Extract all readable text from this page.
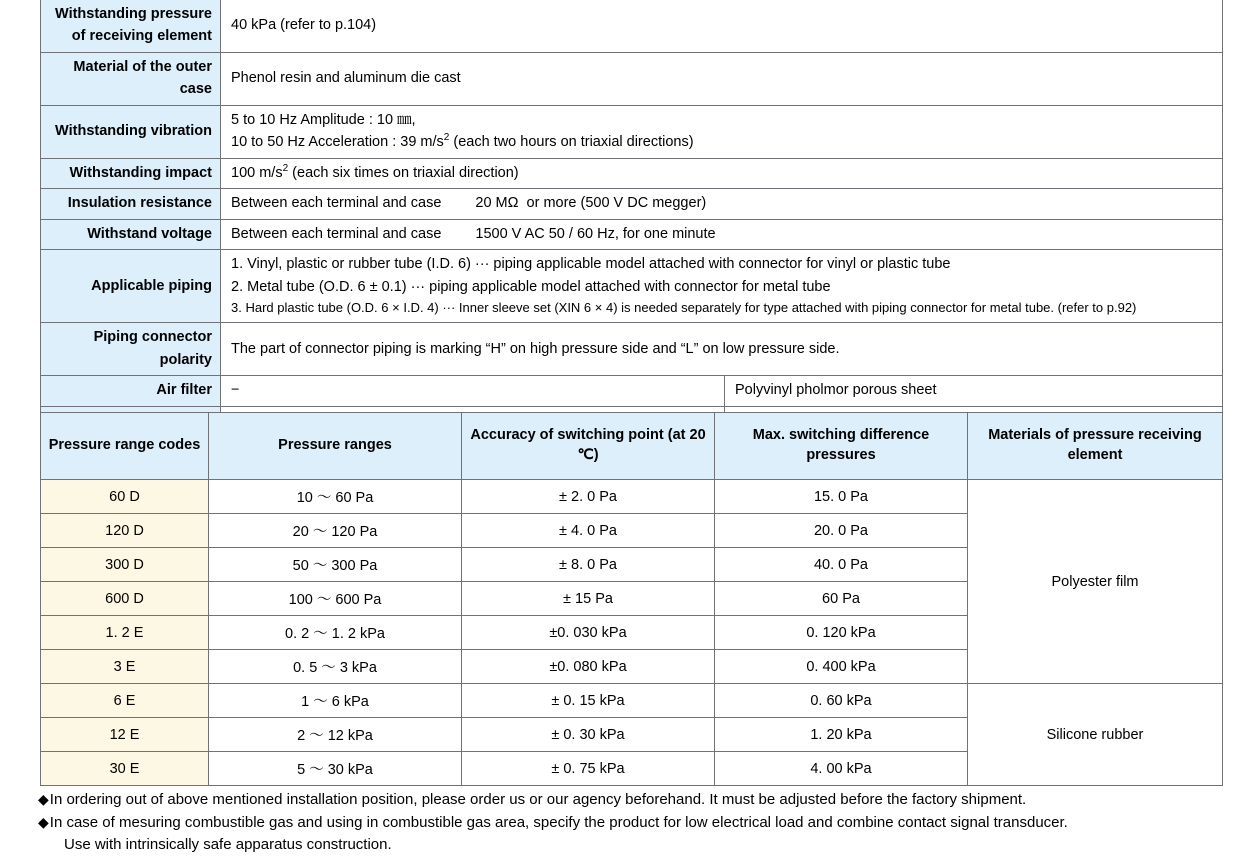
Withstanding pressure of receiving element	40 kPa (refer to p.104)	

Material of the outer case	Phenol resin and aluminum die cast	

Withstanding vibration	5 to 10 Hz Amplitude : 10 ㎜,
10 to 50 Hz Acceleration : 39 $m/s^2$ (each two hours on triaxial directions)	

Withstanding impact	100 $m/s^2$ (each six times on triaxial direction)	

Insulation resistance	Between each terminal and case 20 MΩ  or more (500 V DC megger)	

Withstand voltage	Between each terminal and case 1500 V AC 50 / 60 Hz, for one minute	

Applicable piping	1. Vinyl, plastic or rubber tube (I.D. 6) ··· piping applicable model attached with connector for vinyl or plastic tube
2. Metal tube (O.D. 6 ± 0.1) ··· piping applicable model attached with connector for metal tube
3. Hard plastic tube (O.D. 6 × I.D. 4) ··· Inner sleeve set (XIN 6 × 4) is needed separately for type attached with piping connector for metal tube. (refer to p.92)	

Piping connector polarity	The part of connector piping is marking “H” on high pressure side and “L” on low pressure side.	

Air filter	−	Polyvinyl pholmor porous sheet

Pressure range codes	Pressure ranges	Accuracy of switching point (at 20 ℃)	Max. switching difference pressures	Materials of pressure receiving element
60 D	10 ～ 60 Pa	± 2. 0 Pa	15. 0 Pa	Polyester film
120 D	20 ～ 120 Pa	± 4. 0 Pa	20. 0 Pa	
300 D	50 ～ 300 Pa	± 8. 0 Pa	40. 0 Pa	
600 D	100 ～ 600 Pa	± 15 Pa	60 Pa	
1. 2 E	0. 2 ～ 1. 2 kPa	±0. 030 kPa	0. 120 kPa	
3 E	0. 5 ～ 3 kPa	±0. 080 kPa	0. 400 kPa	
6 E	1 ～ 6 kPa	± 0. 15 kPa	0. 60 kPa	Silicone rubber
12 E	2 ～ 12 kPa	± 0. 30 kPa	1. 20 kPa	
30 E	5 ～ 30 kPa	± 0. 75 kPa	4. 00 kPa	
◆In ordering out of above mentioned installation position, please order us or our agency beforehand. It must be adjusted before the factory shipment.
◆In case of mesuring combustible gas and using in combustible gas area, specify the product for low electrical load and combine contact signal transducer.
Use with intrinsically safe apparatus construction.
